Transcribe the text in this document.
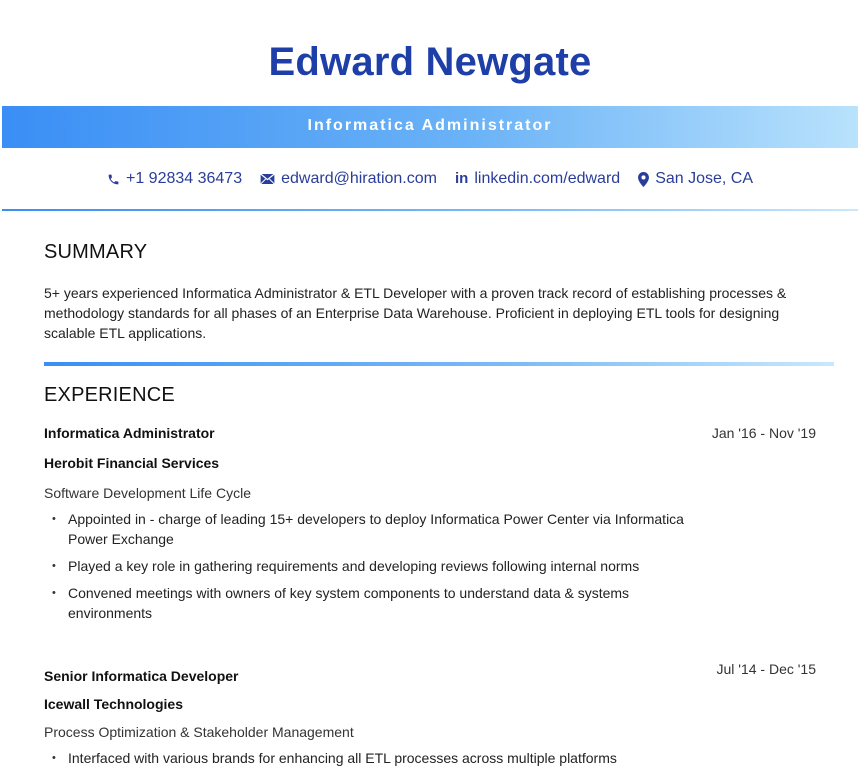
Edward Newgate
Informatica Administrator
+1 92834 36473 edward@hiration.com in linkedin.com/edward San Jose, CA
SUMMARY
5+ years experienced Informatica Administrator & ETL Developer with a proven track record of establishing processes & methodology standards for all phases of an Enterprise Data Warehouse. Proficient in deploying ETL tools for designing scalable ETL applications.
EXPERIENCE
Informatica Administrator	Jan '16 - Nov '19
Herobit Financial Services
Software Development Life Cycle
• Appointed in - charge of leading 15+ developers to deploy Informatica Power Center via Informatica Power Exchange
• Played a key role in gathering requirements and developing reviews following internal norms
• Convened meetings with owners of key system components to understand data & systems environments
Senior Informatica Developer	Jul '14 - Dec '15
Icewall Technologies
Process Optimization & Stakeholder Management
• Interfaced with various brands for enhancing all ETL processes across multiple platforms
